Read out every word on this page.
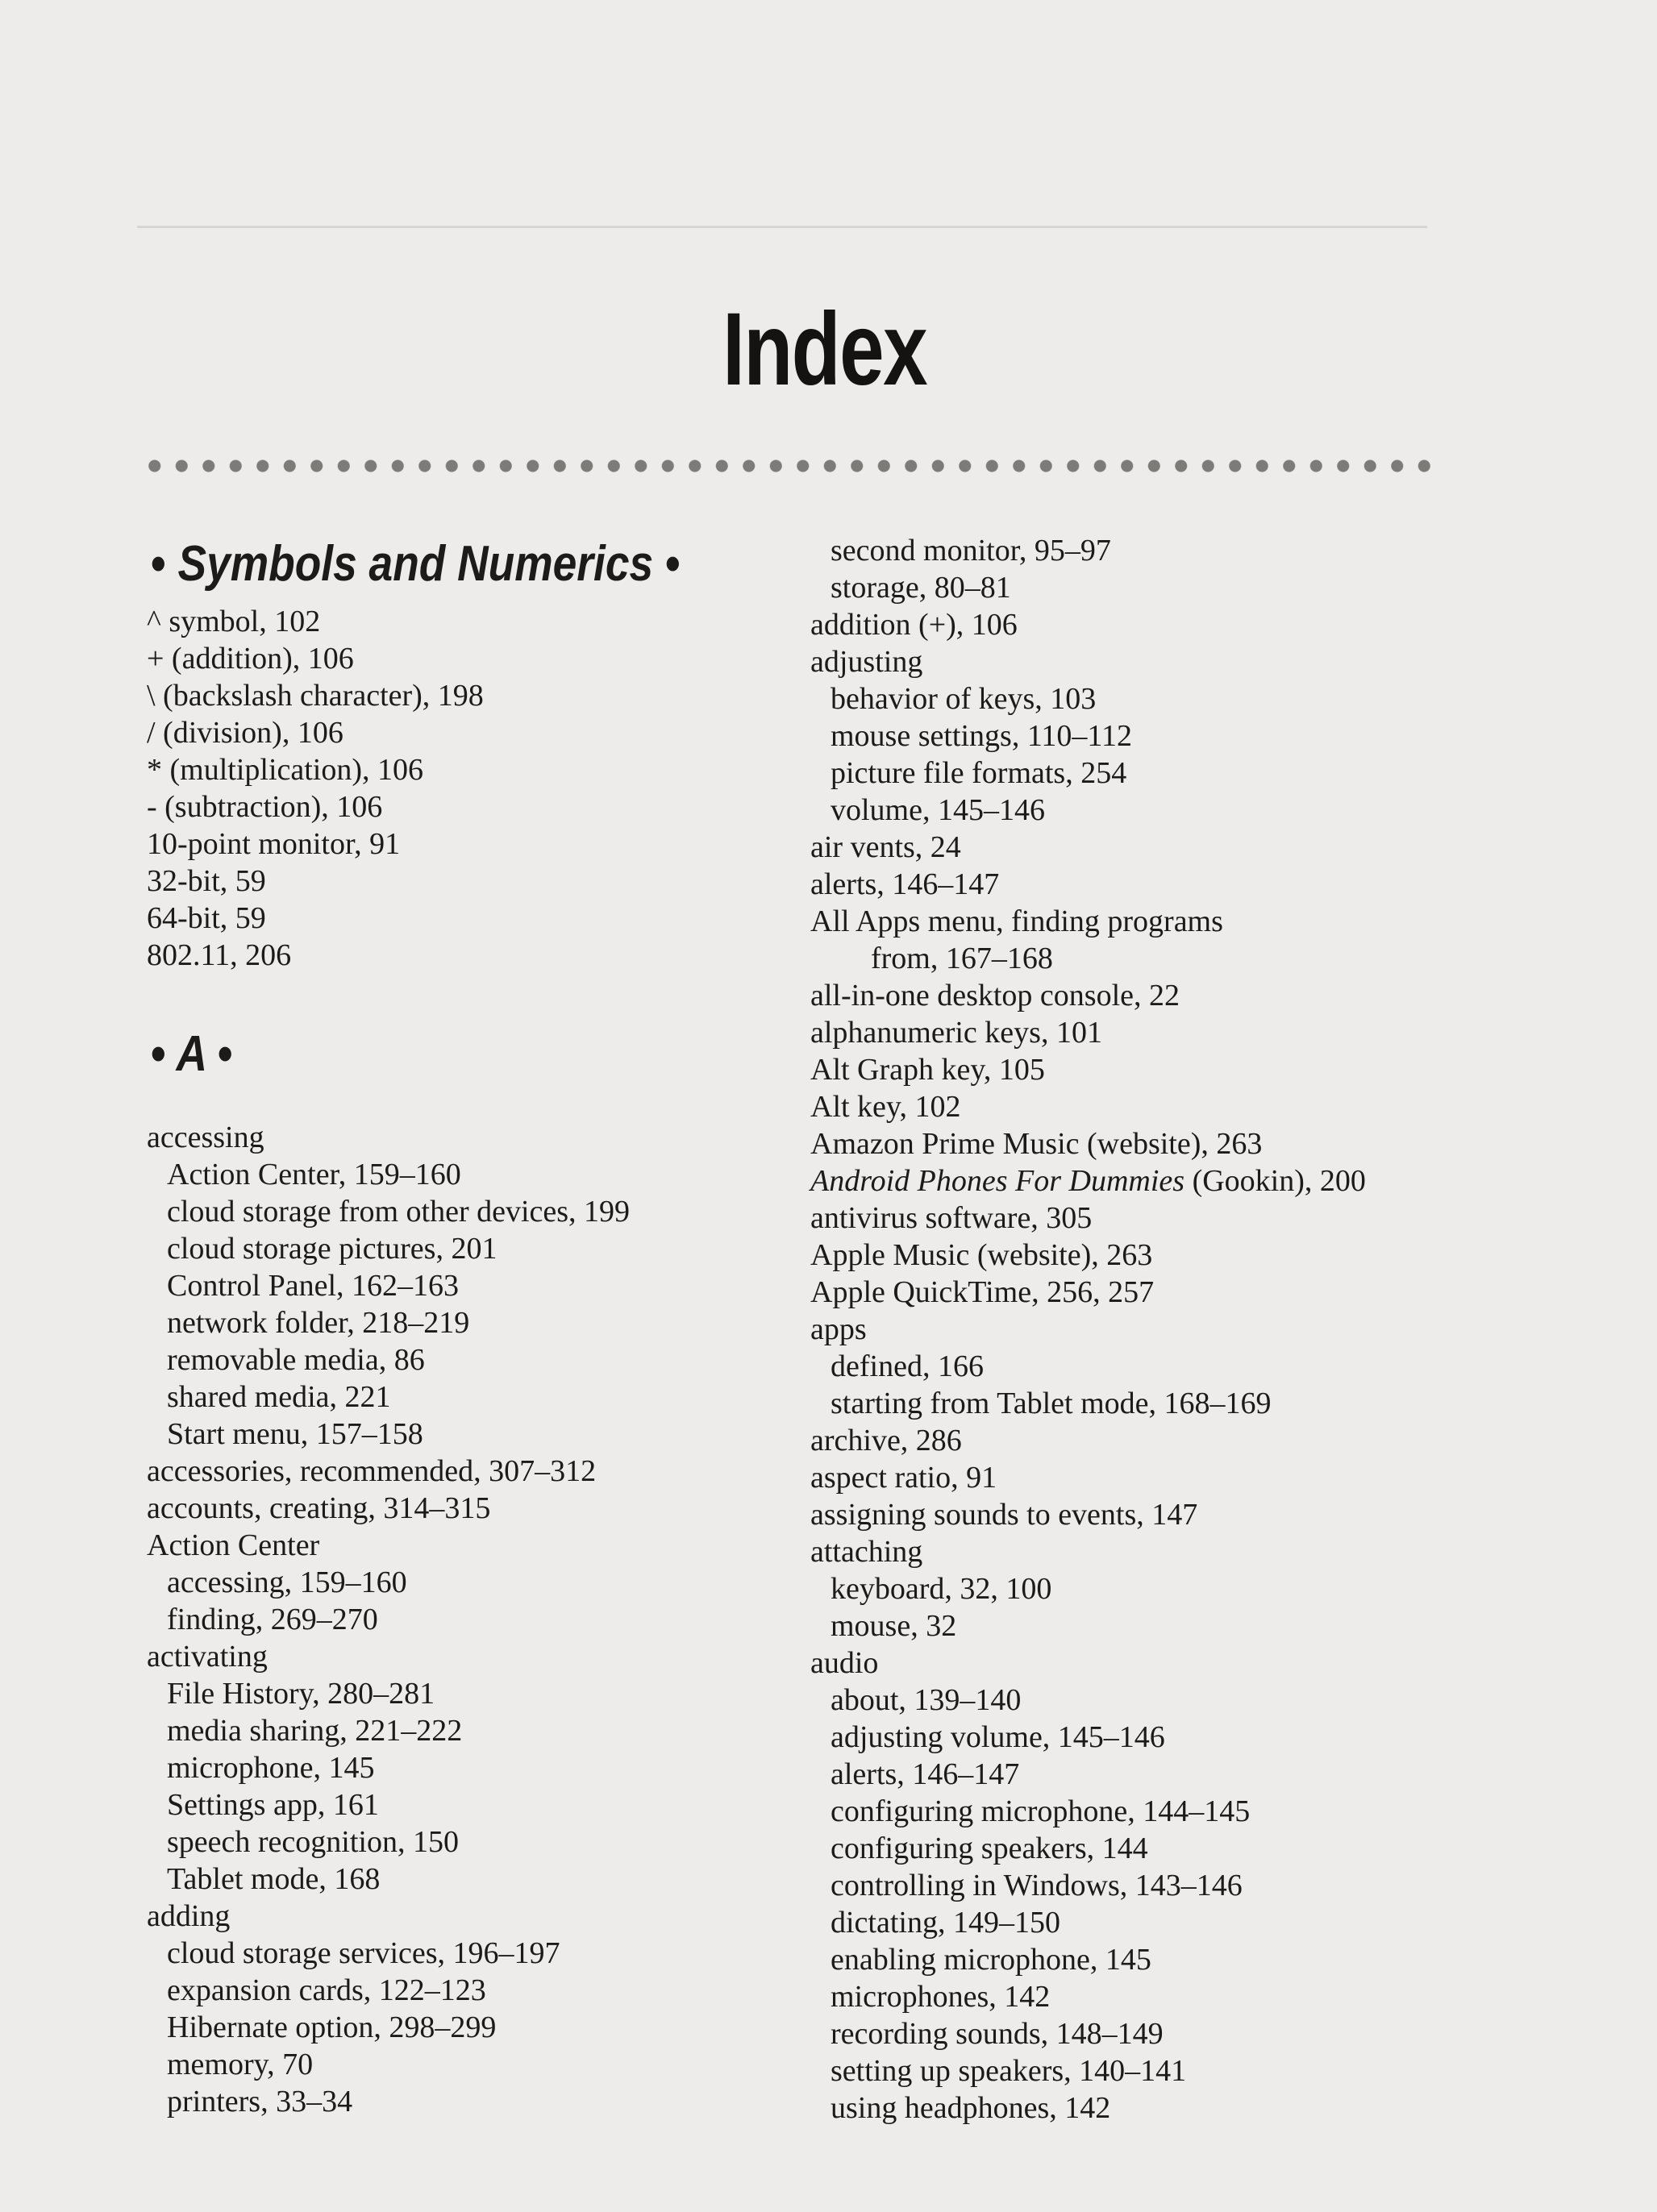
Index
• Symbols and Numerics •
^ symbol, 102
+ (addition), 106
\ (backslash character), 198
/ (division), 106
* (multiplication), 106
- (subtraction), 106
10-point monitor, 91
32-bit, 59
64-bit, 59
802.11, 206
• A •
accessing
Action Center, 159–160
cloud storage from other devices, 199
cloud storage pictures, 201
Control Panel, 162–163
network folder, 218–219
removable media, 86
shared media, 221
Start menu, 157–158
accessories, recommended, 307–312
accounts, creating, 314–315
Action Center
accessing, 159–160
finding, 269–270
activating
File History, 280–281
media sharing, 221–222
microphone, 145
Settings app, 161
speech recognition, 150
Tablet mode, 168
adding
cloud storage services, 196–197
expansion cards, 122–123
Hibernate option, 298–299
memory, 70
printers, 33–34
second monitor, 95–97
storage, 80–81
addition (+), 106
adjusting
behavior of keys, 103
mouse settings, 110–112
picture file formats, 254
volume, 145–146
air vents, 24
alerts, 146–147
All Apps menu, finding programs
from, 167–168
all-in-one desktop console, 22
alphanumeric keys, 101
Alt Graph key, 105
Alt key, 102
Amazon Prime Music (website), 263
Android Phones For Dummies (Gookin), 200
antivirus software, 305
Apple Music (website), 263
Apple QuickTime, 256, 257
apps
defined, 166
starting from Tablet mode, 168–169
archive, 286
aspect ratio, 91
assigning sounds to events, 147
attaching
keyboard, 32, 100
mouse, 32
audio
about, 139–140
adjusting volume, 145–146
alerts, 146–147
configuring microphone, 144–145
configuring speakers, 144
controlling in Windows, 143–146
dictating, 149–150
enabling microphone, 145
microphones, 142
recording sounds, 148–149
setting up speakers, 140–141
using headphones, 142
